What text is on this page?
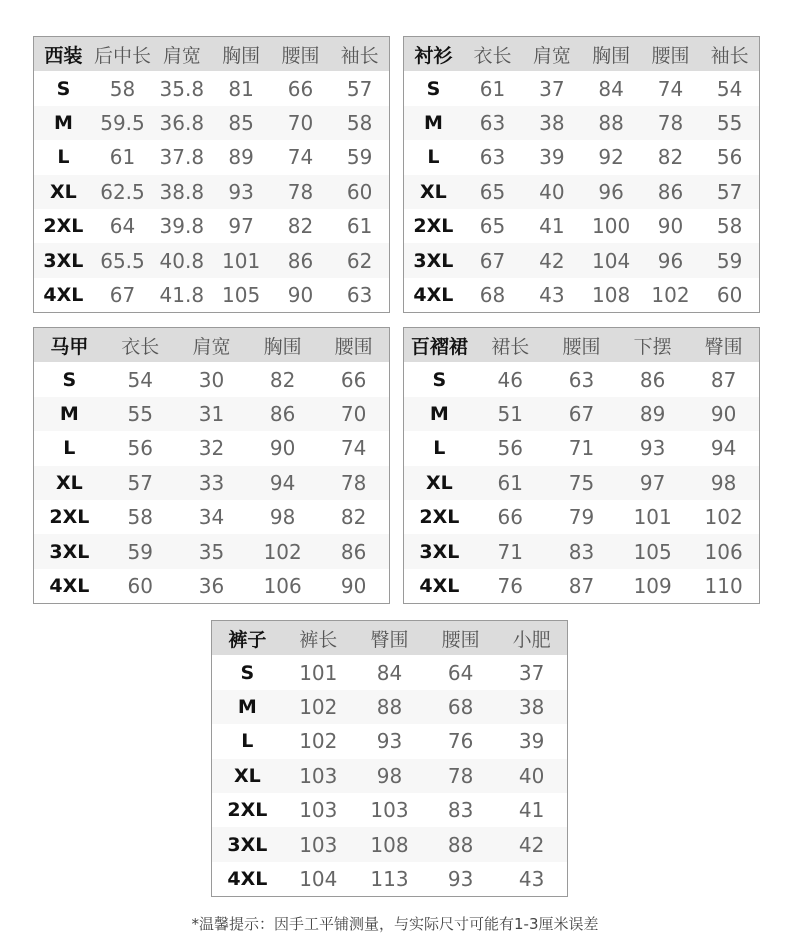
西装	后中长	肩宽	胸围	腰围	袖长
S	58	35.8	81	66	57
M	59.5	36.8	85	70	58
L	61	37.8	89	74	59
XL	62.5	38.8	93	78	60
2XL	64	39.8	97	82	61
3XL	65.5	40.8	101	86	62
4XL	67	41.8	105	90	63
衬衫	衣长	肩宽	胸围	腰围	袖长
S	61	37	84	74	54
M	63	38	88	78	55
L	63	39	92	82	56
XL	65	40	96	86	57
2XL	65	41	100	90	58
3XL	67	42	104	96	59
4XL	68	43	108	102	60
马甲	衣长	肩宽	胸围	腰围
S	54	30	82	66
M	55	31	86	70
L	56	32	90	74
XL	57	33	94	78
2XL	58	34	98	82
3XL	59	35	102	86
4XL	60	36	106	90
百褶裙	裙长	腰围	下摆	臀围
S	46	63	86	87
M	51	67	89	90
L	56	71	93	94
XL	61	75	97	98
2XL	66	79	101	102
3XL	71	83	105	106
4XL	76	87	109	110
裤子	裤长	臀围	腰围	小肥
S	101	84	64	37
M	102	88	68	38
L	102	93	76	39
XL	103	98	78	40
2XL	103	103	83	41
3XL	103	108	88	42
4XL	104	113	93	43
*温馨提示：因手工平铺测量，与实际尺寸可能有1-3厘米误差
